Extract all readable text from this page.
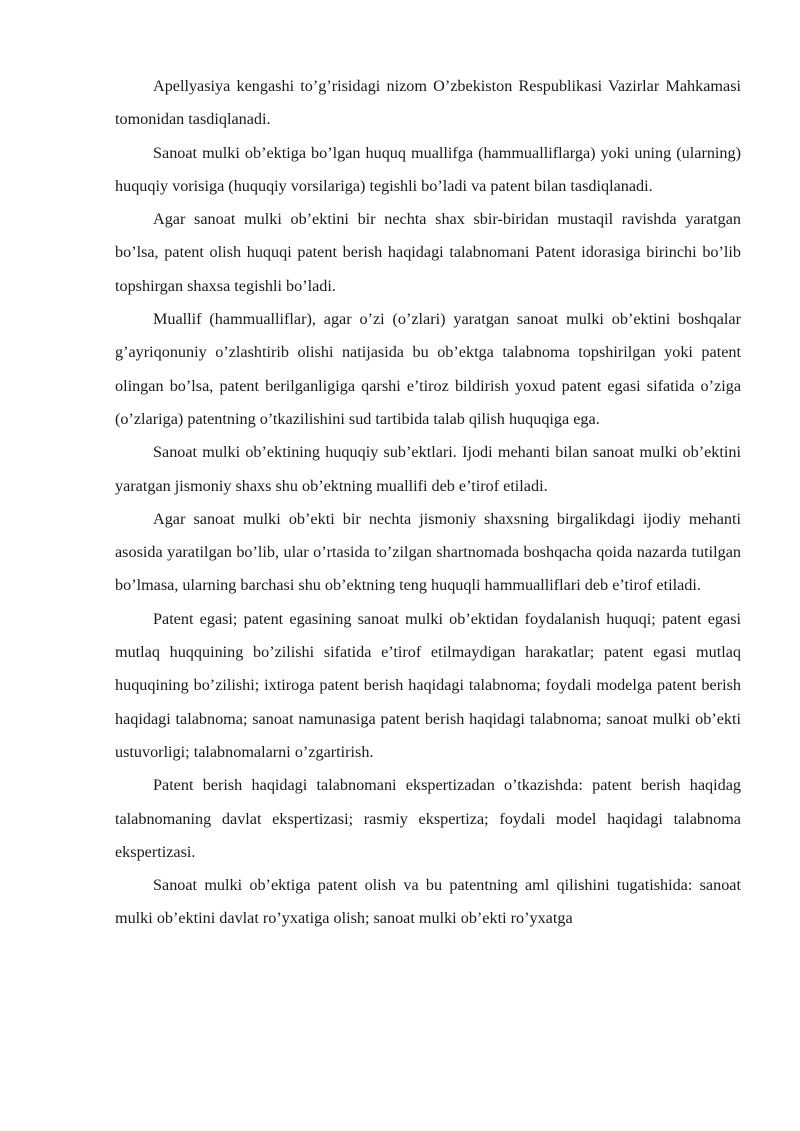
Apellyasiya kengashi to’g’risidagi nizom O’zbekiston Respublikasi Vazirlar Mahkamasi tomonidan tasdiqlanadi.

Sanoat mulki ob’ektiga bo’lgan huquq muallifga (hammualliflarga) yoki uning (ularning) huquqiy vorisiga (huquqiy vorsilariga) tegishli bo’ladi va patent bilan tasdiqlanadi.

Agar sanoat mulki ob’ektini bir nechta shax sbir-biridan mustaqil ravishda yaratgan bo’lsa, patent olish huquqi patent berish haqidagi talabnomani Patent idorasiga birinchi bo’lib topshirgan shaxsa tegishli bo’ladi.

Muallif (hammualliflar), agar o’zi (o’zlari) yaratgan sanoat mulki ob’ektini boshqalar g’ayriqonuniy o’zlashtirib olishi natijasida bu ob’ektga talabnoma topshirilgan yoki patent olingan bo’lsa, patent berilganligiga qarshi e’tiroz bildirish yoxud patent egasi sifatida o’ziga (o’zlariga) patentning o’tkazilishini sud tartibida talab qilish huquqiga ega.

Sanoat mulki ob’ektining huquqiy sub’ektlari. Ijodi mehanti bilan sanoat mulki ob’ektini yaratgan jismoniy shaxs shu ob’ektning muallifi deb e’tirof etiladi.

Agar sanoat mulki ob’ekti bir nechta jismoniy shaxsning birgalikdagi ijodiy mehanti asosida yaratilgan bo’lib, ular o’rtasida to’zilgan shartnomada boshqacha qoida nazarda tutilgan bo’lmasa, ularning barchasi shu ob’ektning teng huquqli hammualliflari deb e’tirof etiladi.

Patent egasi; patent egasining sanoat mulki ob’ektidan foydalanish huquqi; patent egasi mutlaq huqquining bo’zilishi sifatida e’tirof etilmaydigan harakatlar; patent egasi mutlaq huquqining bo’zilishi; ixtiroga patent berish haqidagi talabnoma; foydali modelga patent berish haqidagi talabnoma; sanoat namunasiga patent berish haqidagi talabnoma; sanoat mulki ob’ekti ustuvorligi; talabnomalarni o’zgartirish.

Patent berish haqidagi talabnomani ekspertizadan o’tkazishda: patent berish haqidag talabnomaning davlat ekspertizasi; rasmiy ekspertiza; foydali model haqidagi talabnoma ekspertizasi.

Sanoat mulki ob’ektiga patent olish va bu patentning aml qilishini tugatishida: sanoat mulki ob’ektini davlat ro’yxatiga olish; sanoat mulki ob’ekti ro’yxatga
